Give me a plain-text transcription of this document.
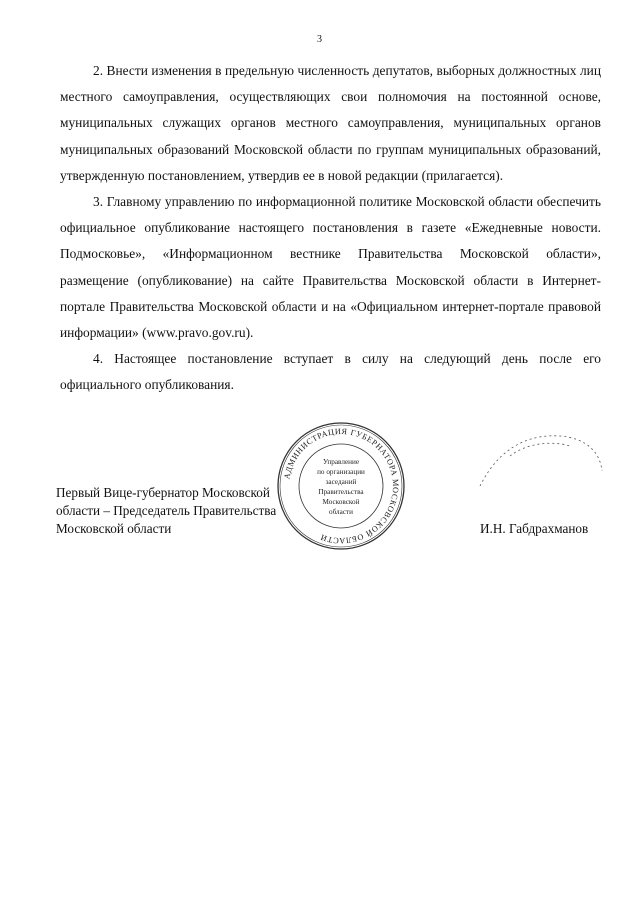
3

2. Внести изменения в предельную численность депутатов, выборных должностных лиц местного самоуправления, осуществляющих свои полномочия на постоянной основе, муниципальных служащих органов местного самоуправления, муниципальных органов муниципальных образований Московской области по группам муниципальных образований, утвержденную постановлением, утвердив ее в новой редакции (прилагается).

3. Главному управлению по информационной политике Московской области обеспечить официальное опубликование настоящего постановления в газете «Ежедневные новости. Подмосковье», «Информационном вестнике Правительства Московской области», размещение (опубликование) на сайте Правительства Московской области в Интернет-портале Правительства Московской области и на «Официальном интернет-портале правовой информации» (www.pravo.gov.ru).

4. Настоящее постановление вступает в силу на следующий день после его официального опубликования.

Первый Вице-губернатор Московской
области – Председатель Правительства
Московской области
АДМИНИСТРАЦИЯ ГУБЕРНАТОРА МОСКОВСКОЙ ОБЛАСТИ
Управление
по организации
заседаний
Правительства
Московской
области
И.Н. Габдрахманов
